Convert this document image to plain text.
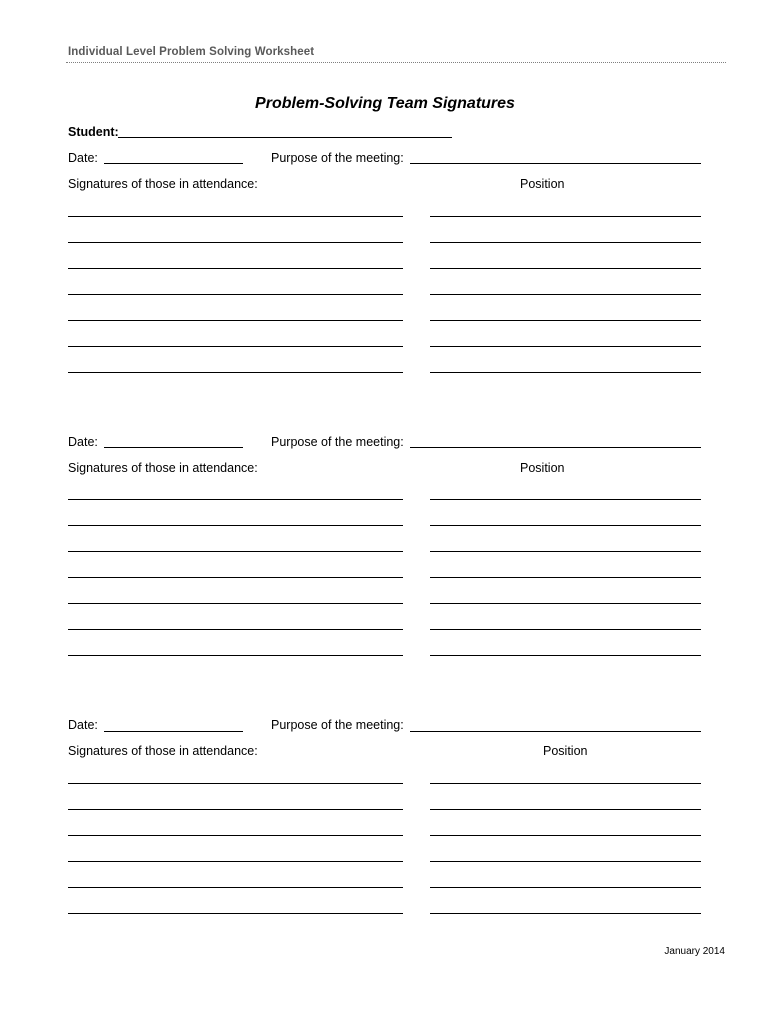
Individual Level Problem Solving Worksheet
Problem-Solving Team Signatures
Student:
Date:	Purpose of the meeting:
Signatures of those in attendance:	Position
Date:	Purpose of the meeting:
Signatures of those in attendance:	Position
Date:	Purpose of the meeting:
Signatures of those in attendance:	Position
January 2014
